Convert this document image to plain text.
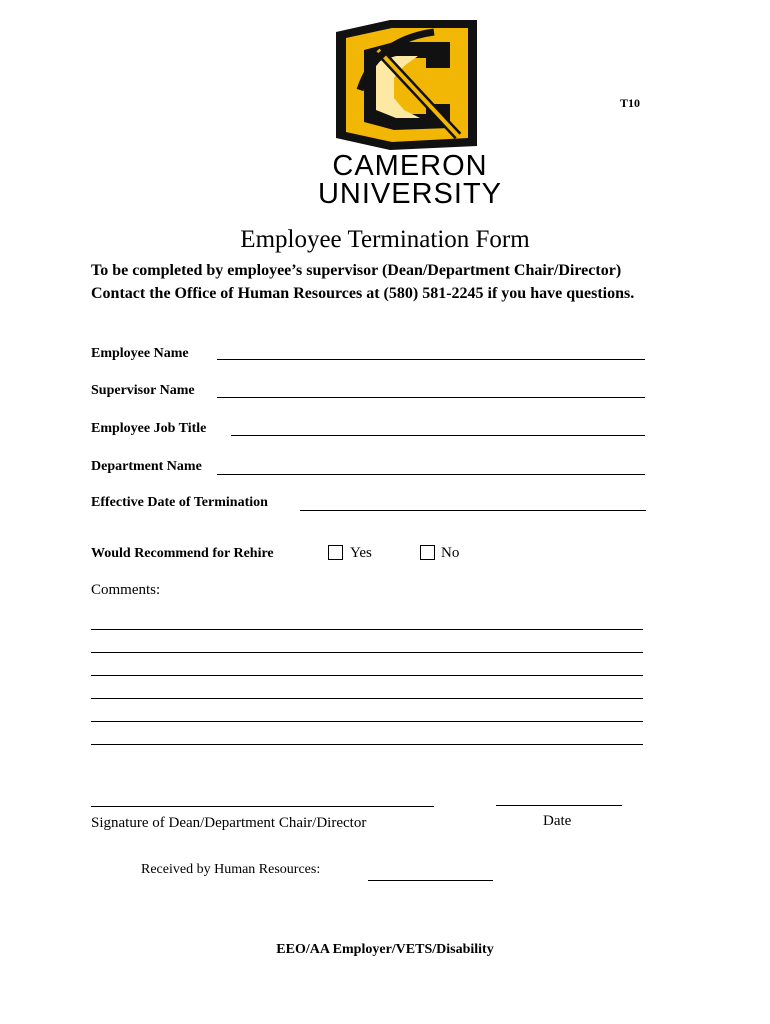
T10
CAMERON
UNIVERSITY
Employee Termination Form
To be completed by employee’s supervisor (Dean/Department Chair/Director)
Contact the Office of Human Resources at (580) 581-2245 if you have questions.
Employee Name
Supervisor Name
Employee Job Title
Department Name
Effective Date of Termination
Would Recommend for Rehire	Yes	No
Comments:
Signature of Dean/Department Chair/Director	Date
Received by Human Resources:
EEO/AA Employer/VETS/Disability
